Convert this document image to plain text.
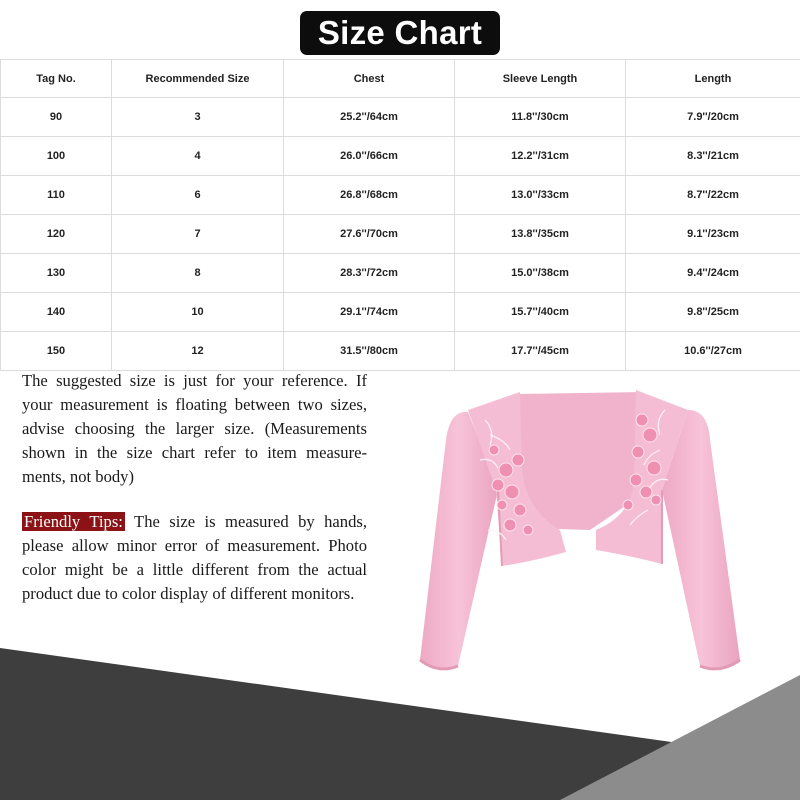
Size Chart
Tag No.	Recommended Size	Chest	Sleeve Length	Length
90	3	25.2''/64cm	11.8''/30cm	7.9''/20cm
100	4	26.0''/66cm	12.2''/31cm	8.3''/21cm
110	6	26.8''/68cm	13.0''/33cm	8.7''/22cm
120	7	27.6''/70cm	13.8''/35cm	9.1''/23cm
130	8	28.3''/72cm	15.0''/38cm	9.4''/24cm
140	10	29.1''/74cm	15.7''/40cm	9.8''/25cm
150	12	31.5''/80cm	17.7''/45cm	10.6''/27cm

The suggested size is just for your reference. If your measurement is floating between two sizes, advise choosing the larger size. (Measurements shown in the size chart refer to item measure-ments, not body)

Friendly Tips: The size is measured by hands, please allow minor error of measurement. Photo color might be a little different from the actual product due to color display of different monitors.
